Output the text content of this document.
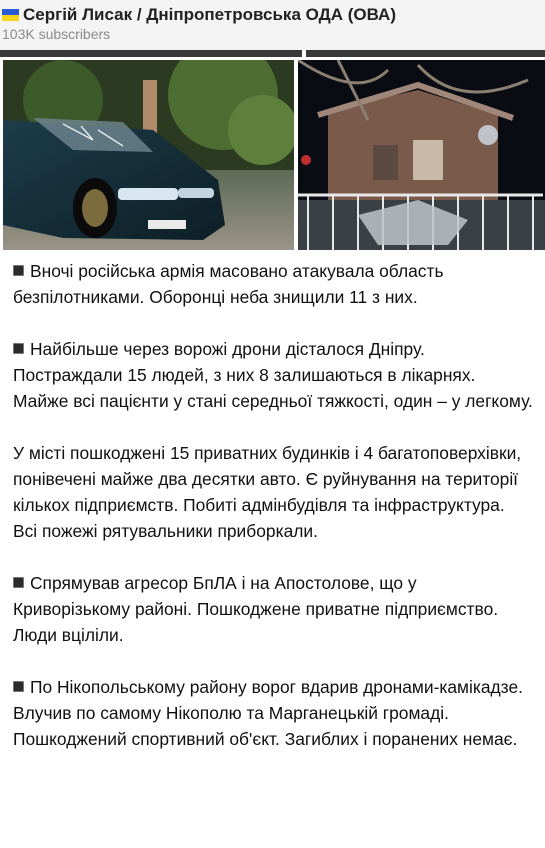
Сергій Лисак / Дніпропетровська ОДА (ОВА)
103K subscribers
Вночі російська армія масовано атакувала область безпілотниками. Оборонці неба знищили 11 з них.
Найбільше через ворожі дрони дісталося Дніпру. Постраждали 15 людей, з них 8 залишаються в лікарнях. Майже всі пацієнти у стані середньої тяжкості, один – у легкому.
У місті пошкоджені 15 приватних будинків і 4 багатоповерхівки, понівечені майже два десятки авто. Є руйнування на території кількох підприємств. Побиті адмінбудівля та інфраструктура. Всі пожежі рятувальники приборкали.
Спрямував агресор БпЛА і на Апостолове, що у Криворізькому районі. Пошкоджене приватне підприємство. Люди вціліли.
По Нікопольському району ворог вдарив дронами-камікадзе. Влучив по самому Нікополю та Марганецькій громаді. Пошкоджений спортивний об'єкт. Загиблих і поранених немає.
